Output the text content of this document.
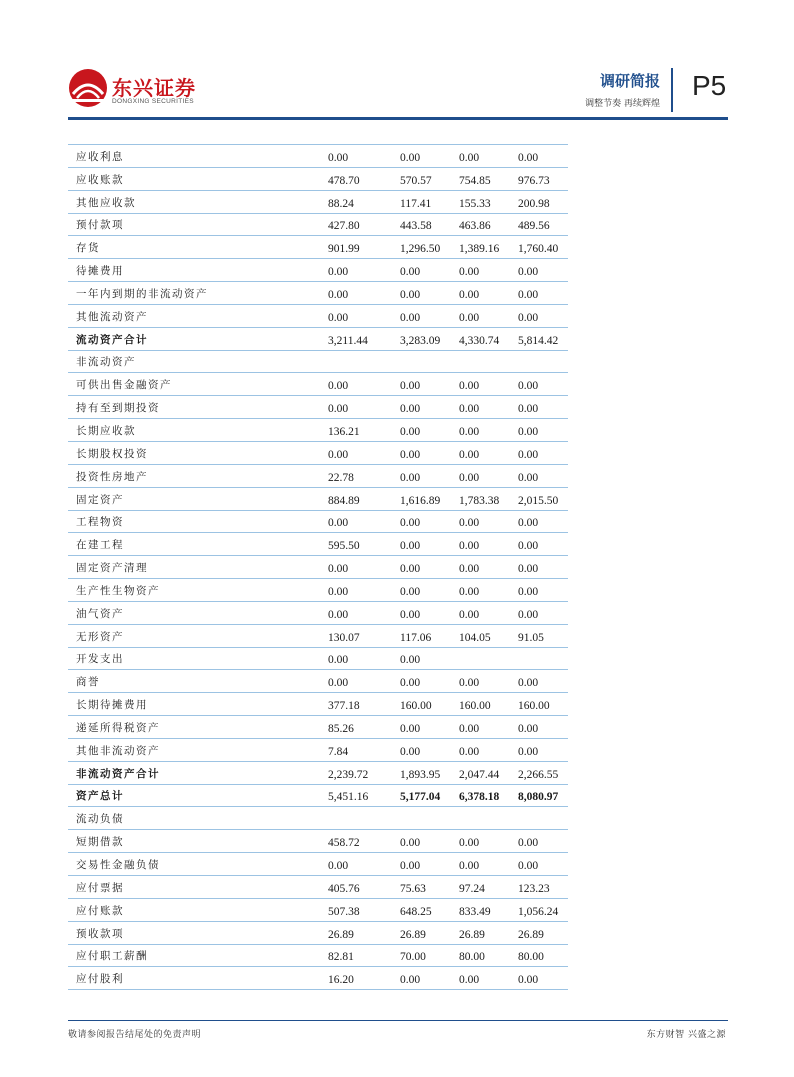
东兴证券
DONGXING SECURITIES
调研简报
调整节奏 再续辉煌
P5
应收利息	0.00	0.00	0.00	0.00
应收账款	478.70	570.57	754.85	976.73
其他应收款	88.24	117.41	155.33	200.98
预付款项	427.80	443.58	463.86	489.56
存货	901.99	1,296.50	1,389.16	1,760.40
待摊费用	0.00	0.00	0.00	0.00
一年内到期的非流动资产	0.00	0.00	0.00	0.00
其他流动资产	0.00	0.00	0.00	0.00
流动资产合计	3,211.44	3,283.09	4,330.74	5,814.42
非流动资产				
可供出售金融资产	0.00	0.00	0.00	0.00
持有至到期投资	0.00	0.00	0.00	0.00
长期应收款	136.21	0.00	0.00	0.00
长期股权投资	0.00	0.00	0.00	0.00
投资性房地产	22.78	0.00	0.00	0.00
固定资产	884.89	1,616.89	1,783.38	2,015.50
工程物资	0.00	0.00	0.00	0.00
在建工程	595.50	0.00	0.00	0.00
固定资产清理	0.00	0.00	0.00	0.00
生产性生物资产	0.00	0.00	0.00	0.00
油气资产	0.00	0.00	0.00	0.00
无形资产	130.07	117.06	104.05	91.05
开发支出	0.00	0.00		
商誉	0.00	0.00	0.00	0.00
长期待摊费用	377.18	160.00	160.00	160.00
递延所得税资产	85.26	0.00	0.00	0.00
其他非流动资产	7.84	0.00	0.00	0.00
非流动资产合计	2,239.72	1,893.95	2,047.44	2,266.55
资产总计	5,451.16	5,177.04	6,378.18	8,080.97
流动负债				
短期借款	458.72	0.00	0.00	0.00
交易性金融负债	0.00	0.00	0.00	0.00
应付票据	405.76	75.63	97.24	123.23
应付账款	507.38	648.25	833.49	1,056.24
预收款项	26.89	26.89	26.89	26.89
应付职工薪酬	82.81	70.00	80.00	80.00
应付股利	16.20	0.00	0.00	0.00
敬请参阅报告结尾处的免责声明	东方财智 兴盛之源
